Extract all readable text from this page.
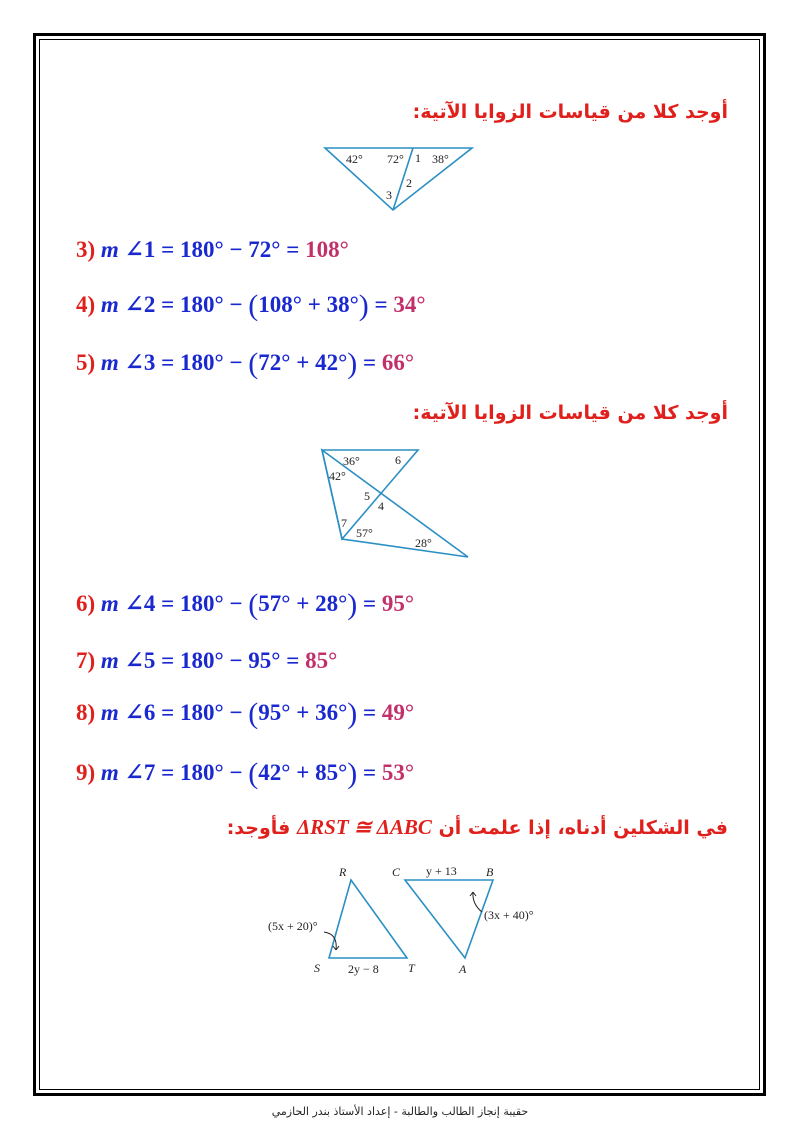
أوجد كلا من قياسات الزوايا الآتية:
42° 72° 1 38°
2
3
3) m ∠1 = 180° − 72° = 108°
4) m ∠2 = 180° − (108° + 38°) = 34°
5) m ∠3 = 180° − (72° + 42°) = 66°
أوجد كلا من قياسات الزوايا الآتية:
36°	6
42°
5
4
7
57°
28°
6) m ∠4 = 180° − (57° + 28°) = 95°
7) m ∠5 = 180° − 95° = 85°
8) m ∠6 = 180° − (95° + 36°) = 49°
9) m ∠7 = 180° − (42° + 85°) = 53°
في الشكلين أدناه، إذا علمت أن ΔRST ≅ ΔABC فأوجد:
R
S	T
C	B
A
y + 13
2y − 8
(5x + 20)°
(3x + 40)°
حقيبة إنجاز الطالب والطالبة - إعداد الأستاذ بندر الحازمي
